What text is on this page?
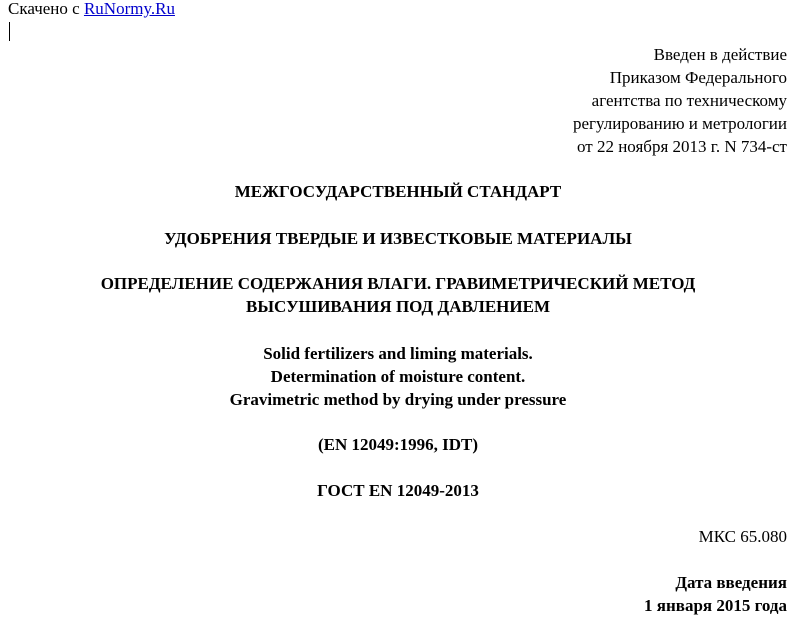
Скачено с RuNormy.Ru
Введен в действие
Приказом Федерального
агентства по техническому
регулированию и метрологии
от 22 ноября 2013 г. N 734-ст
МЕЖГОСУДАРСТВЕННЫЙ СТАНДАРТ
УДОБРЕНИЯ ТВЕРДЫЕ И ИЗВЕСТКОВЫЕ МАТЕРИАЛЫ
ОПРЕДЕЛЕНИЕ СОДЕРЖАНИЯ ВЛАГИ. ГРАВИМЕТРИЧЕСКИЙ МЕТОД
ВЫСУШИВАНИЯ ПОД ДАВЛЕНИЕМ
Solid fertilizers and liming materials.
Determination of moisture content.
Gravimetric method by drying under pressure
(EN 12049:1996, IDT)
ГОСТ EN 12049-2013
МКС 65.080
Дата введения
1 января 2015 года
